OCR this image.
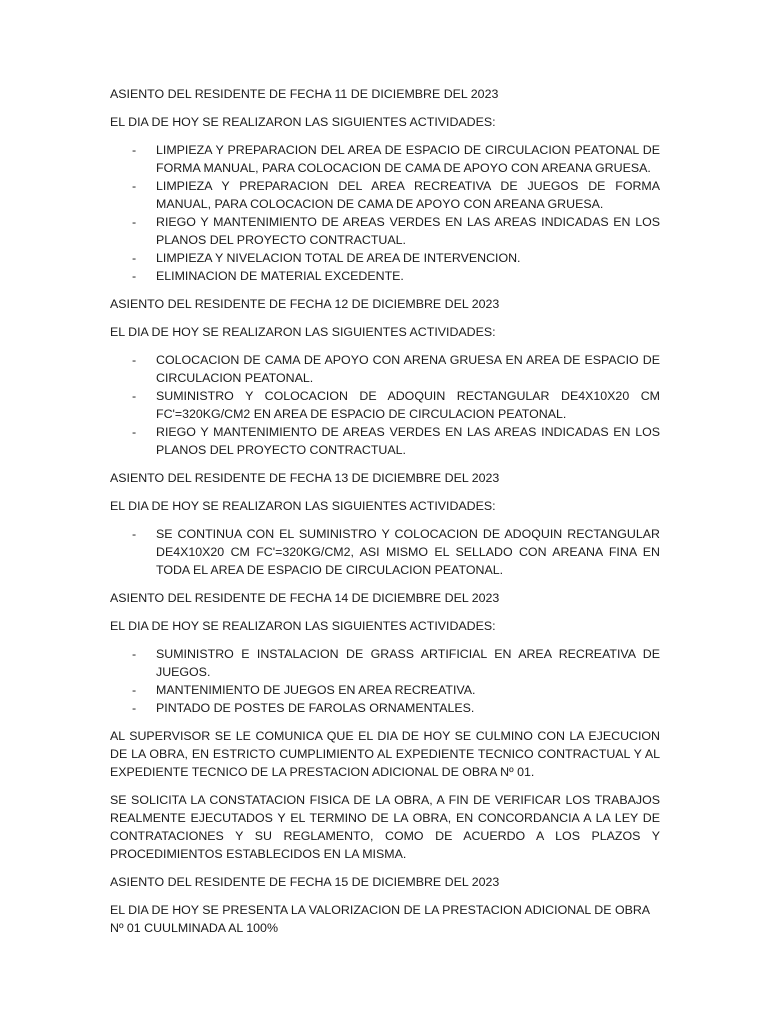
ASIENTO DEL RESIDENTE DE FECHA 11 DE DICIEMBRE DEL 2023

EL DIA DE HOY SE REALIZARON LAS SIGUIENTES ACTIVIDADES:

- LIMPIEZA Y PREPARACION DEL AREA DE ESPACIO DE CIRCULACION PEATONAL DE FORMA MANUAL, PARA COLOCACION DE CAMA DE APOYO CON AREANA GRUESA.
- LIMPIEZA Y PREPARACION DEL AREA RECREATIVA DE JUEGOS DE FORMA MANUAL, PARA COLOCACION DE CAMA DE APOYO CON AREANA GRUESA.
- RIEGO Y MANTENIMIENTO DE AREAS VERDES EN LAS AREAS INDICADAS EN LOS PLANOS DEL PROYECTO CONTRACTUAL.
- LIMPIEZA Y NIVELACION TOTAL DE AREA DE INTERVENCION.
- ELIMINACION DE MATERIAL EXCEDENTE.

ASIENTO DEL RESIDENTE DE FECHA 12 DE DICIEMBRE DEL 2023

EL DIA DE HOY SE REALIZARON LAS SIGUIENTES ACTIVIDADES:

- COLOCACION DE CAMA DE APOYO CON ARENA GRUESA EN AREA DE ESPACIO DE CIRCULACION PEATONAL.
- SUMINISTRO Y COLOCACION DE ADOQUIN RECTANGULAR DE4X10X20 CM FC'=320KG/CM2 EN AREA DE ESPACIO DE CIRCULACION PEATONAL.
- RIEGO Y MANTENIMIENTO DE AREAS VERDES EN LAS AREAS INDICADAS EN LOS PLANOS DEL PROYECTO CONTRACTUAL.

ASIENTO DEL RESIDENTE DE FECHA 13 DE DICIEMBRE DEL 2023

EL DIA DE HOY SE REALIZARON LAS SIGUIENTES ACTIVIDADES:

- SE CONTINUA CON EL SUMINISTRO Y COLOCACION DE ADOQUIN RECTANGULAR DE4X10X20 CM FC'=320KG/CM2, ASI MISMO EL SELLADO CON AREANA FINA EN TODA EL AREA DE ESPACIO DE CIRCULACION PEATONAL.

ASIENTO DEL RESIDENTE DE FECHA 14 DE DICIEMBRE DEL 2023

EL DIA DE HOY SE REALIZARON LAS SIGUIENTES ACTIVIDADES:

- SUMINISTRO E INSTALACION DE GRASS ARTIFICIAL EN AREA RECREATIVA DE JUEGOS.
- MANTENIMIENTO DE JUEGOS EN AREA RECREATIVA.
- PINTADO DE POSTES DE FAROLAS ORNAMENTALES.

AL SUPERVISOR SE LE COMUNICA QUE EL DIA DE HOY SE CULMINO CON LA EJECUCION DE LA OBRA, EN ESTRICTO CUMPLIMIENTO AL EXPEDIENTE TECNICO CONTRACTUAL Y AL EXPEDIENTE TECNICO DE LA PRESTACION ADICIONAL DE OBRA Nº 01.

SE SOLICITA LA CONSTATACION FISICA DE LA OBRA, A FIN DE VERIFICAR LOS TRABAJOS REALMENTE EJECUTADOS Y EL TERMINO DE LA OBRA, EN CONCORDANCIA A LA LEY DE CONTRATACIONES Y SU REGLAMENTO, COMO DE ACUERDO A LOS PLAZOS Y PROCEDIMIENTOS ESTABLECIDOS EN LA MISMA.

ASIENTO DEL RESIDENTE DE FECHA 15 DE DICIEMBRE DEL 2023

EL DIA DE HOY SE PRESENTA LA VALORIZACION DE LA PRESTACION ADICIONAL DE OBRA Nº 01 CUULMINADA AL 100%
